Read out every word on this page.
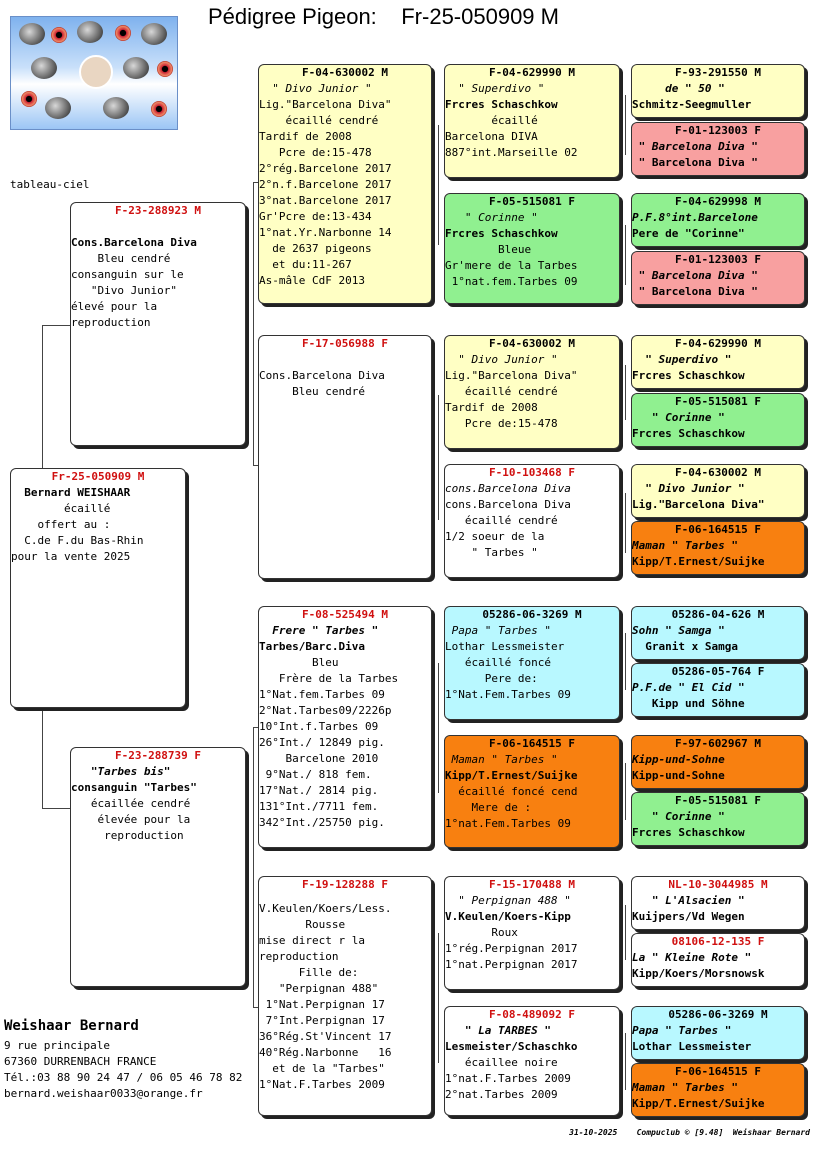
Pédigree Pigeon:    Fr-25-050909 M
tableau-ciel
Fr-25-050909 M
Bernard WEISHAAR
écaillé
offert au :
C.de F.du Bas-Rhin
pour la vente 2025
F-23-288923 M
Cons.Barcelona Diva
Bleu cendré
consanguin sur le
"Divo Junior"
élevé pour la
reproduction
F-23-288739 F
"Tarbes bis"
consanguin "Tarbes"
écaillée cendré
élevée pour la
reproduction
F-04-630002 M
" Divo Junior "
Lig."Barcelona Diva"
écaillé cendré
Tardif de 2008
Pcre de:15-478
2°rég.Barcelone 2017
2°n.f.Barcelone 2017
3°nat.Barcelone 2017
Gr'Pcre de:13-434
1°nat.Yr.Narbonne 14
de 2637 pigeons
et du:11-267
As-mâle CdF 2013
F-17-056988 F
Cons.Barcelona Diva
Bleu cendré
F-08-525494 M
Frere " Tarbes "
Tarbes/Barc.Diva
Bleu
Frère de la Tarbes
1°Nat.fem.Tarbes 09
2°Nat.Tarbes09/2226p
10°Int.f.Tarbes 09
26°Int./ 12849 pig.
Barcelone 2010
9°Nat./ 818 fem.
17°Nat./ 2814 pig.
131°Int./7711 fem.
342°Int./25750 pig.
F-19-128288 F
V.Keulen/Koers/Less.
Rousse
mise direct r la
reproduction
Fille de:
"Perpignan 488"
1°Nat.Perpignan 17
7°Int.Perpignan 17
36°Rég.St'Vincent 17
40°Rég.Narbonne   16
et de la "Tarbes"
1°Nat.F.Tarbes 2009
F-04-629990 M
" Superdivo "
Frcres Schaschkow
écaillé
Barcelona DIVA
887°int.Marseille 02
F-05-515081 F
" Corinne "
Frcres Schaschkow
Bleue
Gr'mere de la Tarbes
1°nat.fem.Tarbes 09
F-04-630002 M
" Divo Junior "
Lig."Barcelona Diva"
écaillé cendré
Tardif de 2008
Pcre de:15-478
F-10-103468 F
cons.Barcelona Diva
cons.Barcelona Diva
écaillé cendré
1/2 soeur de la
" Tarbes "
05286-06-3269 M
Papa " Tarbes "
Lothar Lessmeister
écaillé foncé
Pere de:
1°Nat.Fem.Tarbes 09
F-06-164515 F
Maman " Tarbes "
Kipp/T.Ernest/Suijke
écaillé foncé cend
Mere de :
1°nat.Fem.Tarbes 09
F-15-170488 M
" Perpignan 488 "
V.Keulen/Koers-Kipp
Roux
1°rég.Perpignan 2017
1°nat.Perpignan 2017
F-08-489092 F
" La TARBES "
Lesmeister/Schaschko
écaillee noire
1°nat.F.Tarbes 2009
2°nat.Tarbes 2009
F-93-291550 M
de " 50 "
Schmitz-Seegmuller
F-01-123003 F
" Barcelona Diva "
" Barcelona Diva "
F-04-629998 M
P.F.8°int.Barcelone
Pere de "Corinne"
F-01-123003 F
" Barcelona Diva "
" Barcelona Diva "
F-04-629990 M
" Superdivo "
Frcres Schaschkow
F-05-515081 F
" Corinne "
Frcres Schaschkow
F-04-630002 M
" Divo Junior "
Lig."Barcelona Diva"
F-06-164515 F
Maman " Tarbes "
Kipp/T.Ernest/Suijke
05286-04-626 M
Sohn " Samga "
Granit x Samga
05286-05-764 F
P.F.de " El Cid "
Kipp und Söhne
F-97-602967 M
Kipp-und-Sohne
Kipp-und-Sohne
F-05-515081 F
" Corinne "
Frcres Schaschkow
NL-10-3044985 M
" L'Alsacien "
Kuijpers/Vd Wegen
08106-12-135 F
La " Kleine Rote "
Kipp/Koers/Morsnowsk
05286-06-3269 M
Papa " Tarbes "
Lothar Lessmeister
F-06-164515 F
Maman " Tarbes "
Kipp/T.Ernest/Suijke
Weishaar Bernard
9 rue principale
67360 DURRENBACH FRANCE
Tél.:03 88 90 24 47 / 06 05 46 78 82
bernard.weishaar0033@orange.fr
31-10-2025    Compuclub © [9.48]  Weishaar Bernard
